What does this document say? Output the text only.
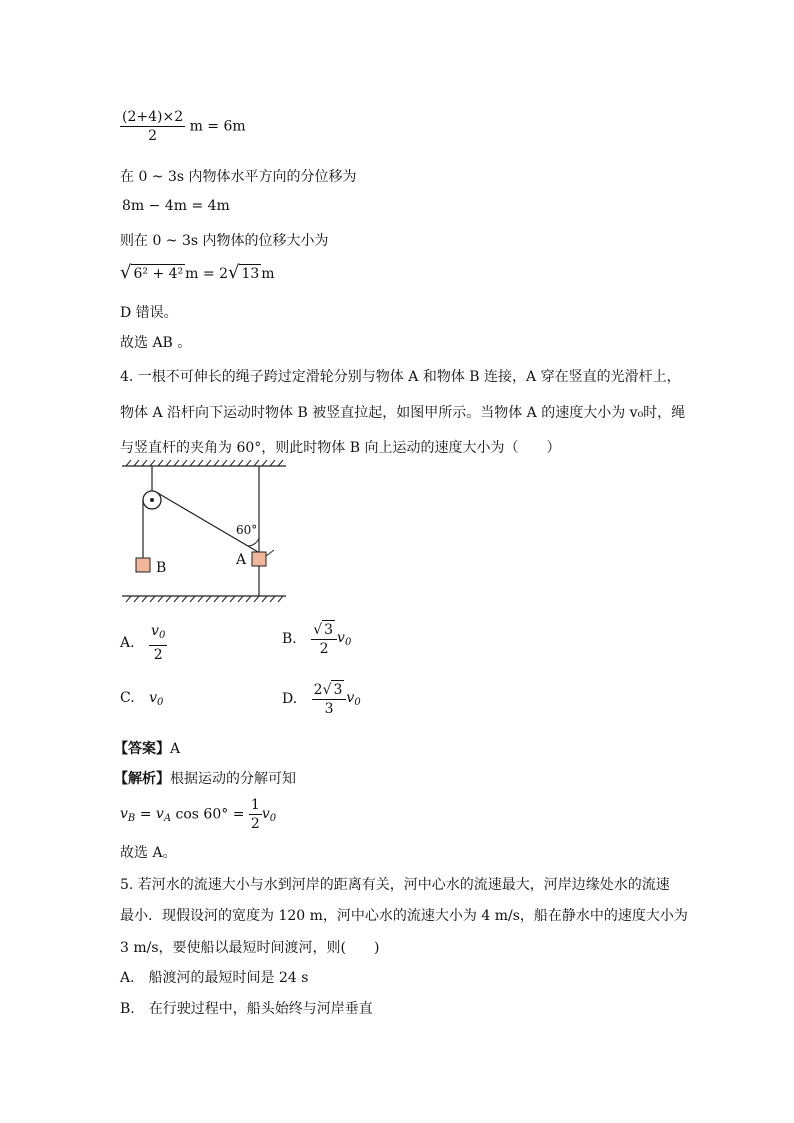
$\frac{(2+4)\times 2}{2}$ m = 6m
在 0 ~ 3s 内物体水平方向的分位移为
8m − 4m = 4m
则在 0 ~ 3s 内物体的位移大小为
√ 6² + 4² m = 2√ 13 m
D 错误。
故选 AB 。
4. 一根不可伸长的绳子跨过定滑轮分别与物体 A 和物体 B 连接，A 穿在竖直的光滑杆上，
物体 A 沿杆向下运动时物体 B 被竖直拉起，如图甲所示。当物体 A 的速度大小为 v₀时，绳
与竖直杆的夹角为 60°，则此时物体 B 向上运动的速度大小为（　　）
60°
A
B
A. $\frac{v_0}{2}$	B. $\frac{√ 3}{2} v_0$
C. $v_0$	D. $\frac{2√ 3}{3} v_0$
【答案】A
【解析】根据运动的分解可知
$v_B = v_A$ $\cos 60^\circ = \frac{1}{2} v_0$
故选 A。
5. 若河水的流速大小与水到河岸的距离有关，河中心水的流速最大，河岸边缘处水的流速
最小．现假设河的宽度为 120 m，河中心水的流速大小为 4 m/s，船在静水中的速度大小为
3 m/s，要使船以最短时间渡河，则(　　)
A.　船渡河的最短时间是 24 s
B.　在行驶过程中，船头始终与河岸垂直
